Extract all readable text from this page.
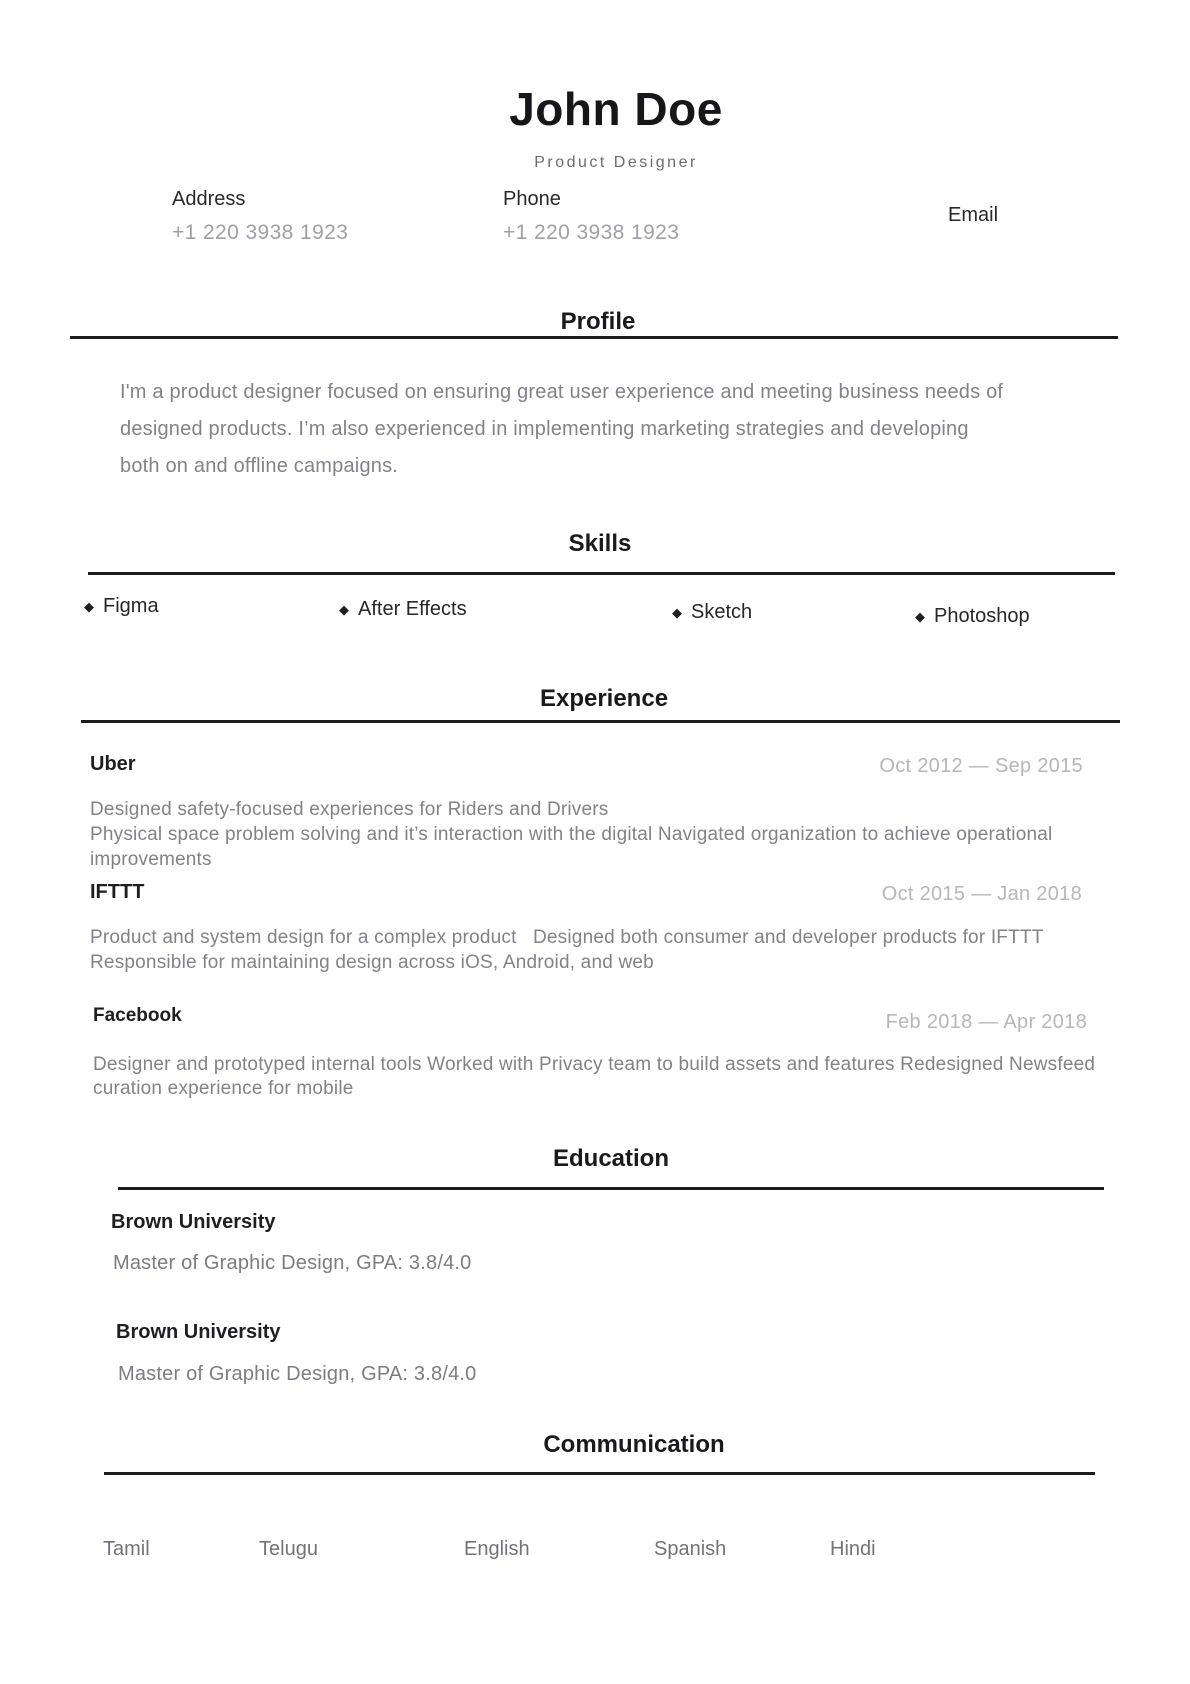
John Doe
Product Designer
Address
+1 220 3938 1923
Phone
+1 220 3938 1923
Email
Profile
I'm a product designer focused on ensuring great user experience and meeting business needs of
designed products. I’m also experienced in implementing marketing strategies and developing
both on and offline campaigns.
Skills
◆ Figma	◆ After Effects	◆ Sketch	◆ Photoshop
Experience
Uber	Oct 2012 — Sep 2015
Designed safety-focused experiences for Riders and Drivers
Physical space problem solving and it’s interaction with the digital Navigated organization to achieve operational
improvements
IFTTT	Oct 2015 — Jan 2018
Product and system design for a complex product   Designed both consumer and developer products for IFTTT
Responsible for maintaining design across iOS, Android, and web
Facebook	Feb 2018 — Apr 2018
Designer and prototyped internal tools Worked with Privacy team to build assets and features Redesigned Newsfeed
curation experience for mobile
Education
Brown University
Master of Graphic Design, GPA: 3.8/4.0
Brown University
Master of Graphic Design, GPA: 3.8/4.0
Communication
Tamil	Telugu	English	Spanish	Hindi
